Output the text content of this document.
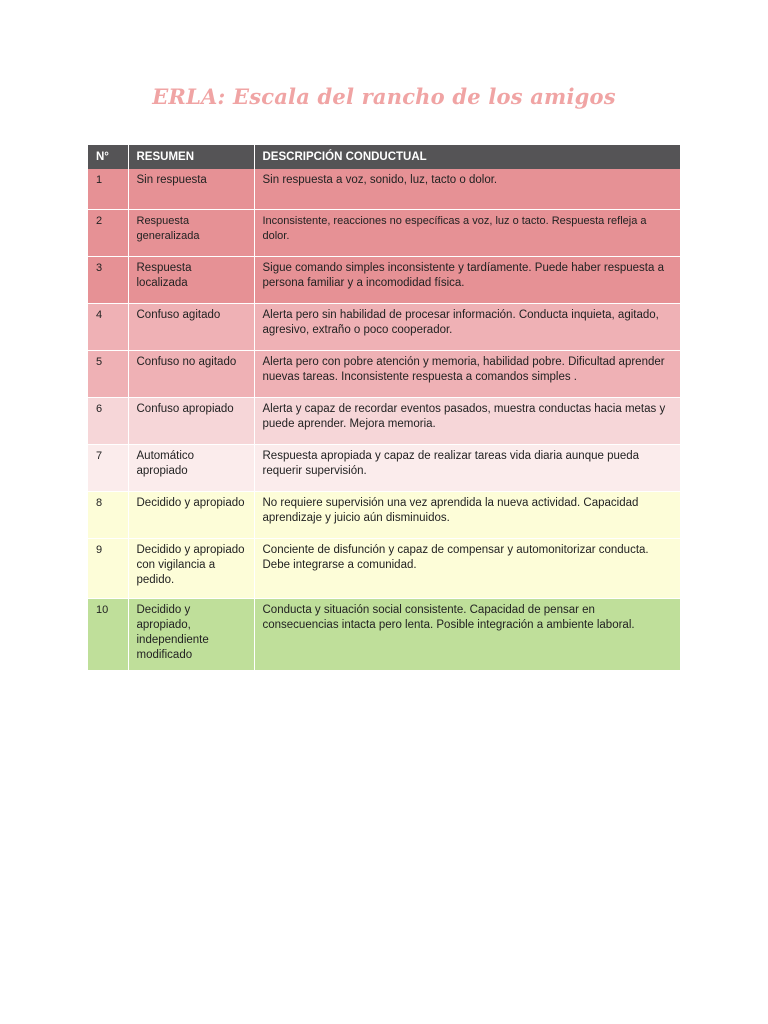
ERLA: Escala del rancho de los amigos
N°	RESUMEN	DESCRIPCIÓN CONDUCTUAL
1	Sin respuesta	Sin respuesta a voz, sonido, luz, tacto o dolor.
2	Respuesta generalizada	Inconsistente, reacciones no específicas a voz, luz o tacto. Respuesta refleja a dolor.
3	Respuesta localizada	Sigue comando simples inconsistente y tardíamente. Puede haber respuesta a persona familiar y a incomodidad física.
4	Confuso agitado	Alerta pero sin habilidad de procesar información. Conducta inquieta, agitado, agresivo, extraño o poco cooperador.
5	Confuso no agitado	Alerta pero con pobre atención y memoria, habilidad pobre. Dificultad aprender nuevas tareas. Inconsistente respuesta a comandos simples .
6	Confuso apropiado	Alerta y capaz de recordar eventos pasados, muestra conductas hacia metas y puede aprender. Mejora memoria.
7	Automático apropiado	Respuesta apropiada y capaz de realizar tareas vida diaria aunque pueda requerir supervisión.
8	Decidido y apropiado	No requiere supervisión una vez aprendida la nueva actividad. Capacidad aprendizaje y juicio aún disminuidos.
9	Decidido y apropiado con vigilancia a pedido.	Conciente de disfunción y capaz de compensar y automonitorizar conducta. Debe integrarse a comunidad.
10	Decidido y apropiado, independiente modificado	Conducta y situación social consistente. Capacidad de pensar en consecuencias intacta pero lenta. Posible integración a ambiente laboral.
